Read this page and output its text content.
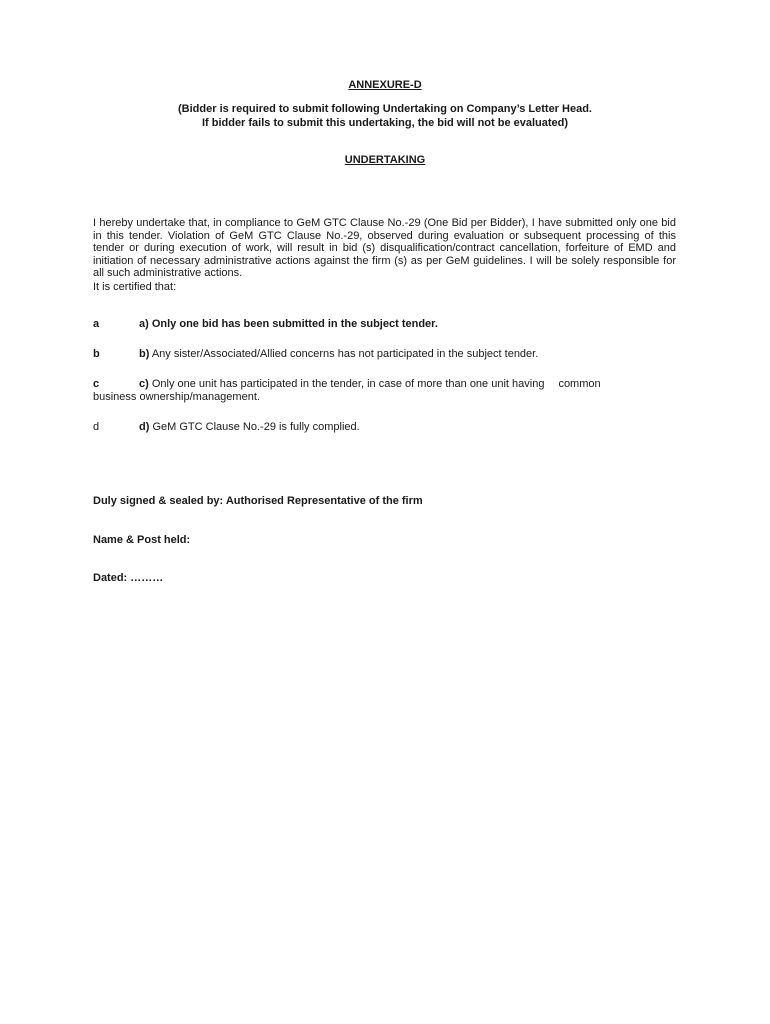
ANNEXURE-D
(Bidder is required to submit following Undertaking on Company’s Letter Head.
If bidder fails to submit this undertaking, the bid will not be evaluated)
UNDERTAKING
I hereby undertake that, in compliance to GeM GTC Clause No.-29 (One Bid per Bidder), I have submitted only one bid in this tender. Violation of GeM GTC Clause No.-29, observed during evaluation or subsequent processing of this tender or during execution of work, will result in bid (s) disqualification/contract cancellation, forfeiture of EMD and initiation of necessary administrative actions against the firm (s) as per GeM guidelines. I will be solely responsible for all such administrative actions.
It is certified that:
a	a) Only one bid has been submitted in the subject tender.
b	b) Any sister/Associated/Allied concerns has not participated in the subject tender.
c	c) Only one unit has participated in the tender, in case of more than one unit having common
business ownership/management.
d	d) GeM GTC Clause No.-29 is fully complied.
Duly signed & sealed by: Authorised Representative of the firm
Name & Post held:
Dated: ………
